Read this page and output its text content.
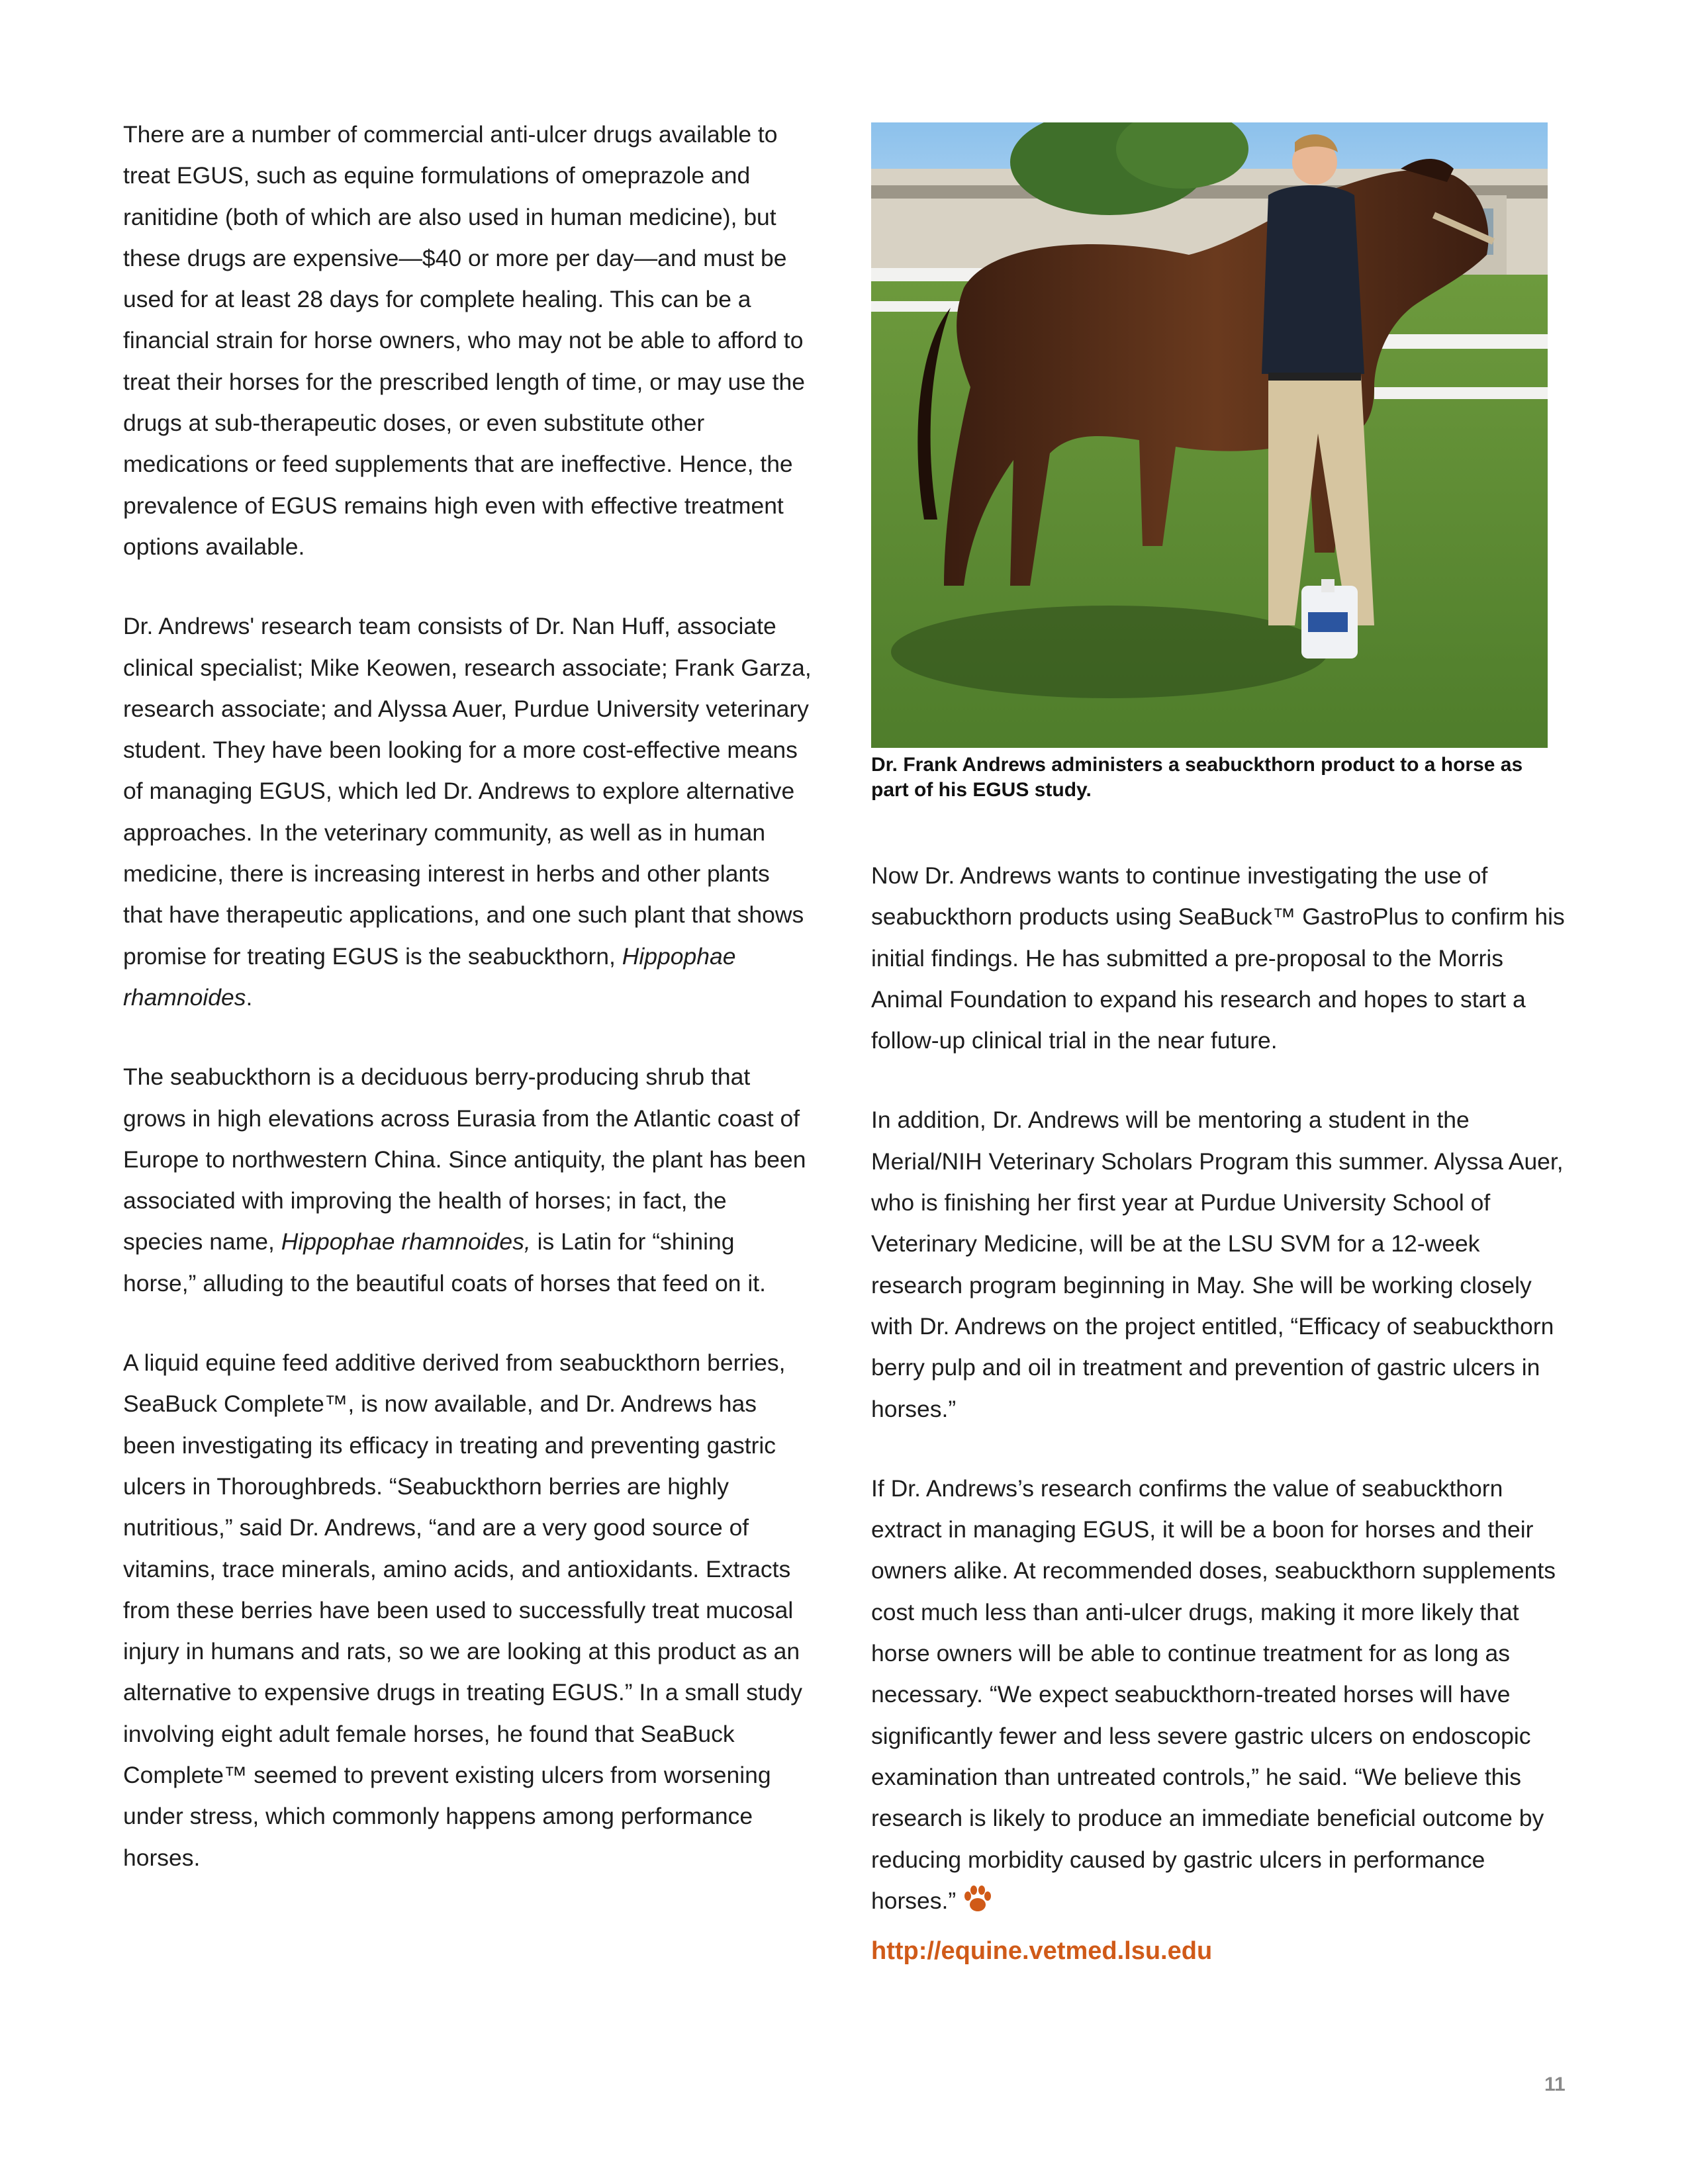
There are a number of commercial anti-ulcer drugs available to treat EGUS, such as equine formulations of omeprazole and ranitidine (both of which are also used in human medicine), but these drugs are expensive—$40 or more per day—and must be used for at least 28 days for complete healing. This can be a financial strain for horse owners, who may not be able to afford to treat their horses for the prescribed length of time, or may use the drugs at sub-therapeutic doses, or even substitute other medications or feed supplements that are ineffective. Hence, the prevalence of EGUS remains high even with effective treatment options available.

Dr. Andrews' research team consists of Dr. Nan Huff, associate clinical specialist; Mike Keowen, research associate; Frank Garza, research associate; and Alyssa Auer, Purdue University veterinary student. They have been looking for a more cost-effective means of managing EGUS, which led Dr. Andrews to explore alternative approaches. In the veterinary community, as well as in human medicine, there is increasing interest in herbs and other plants that have therapeutic applications, and one such plant that shows promise for treating EGUS is the seabuckthorn, Hippophae rhamnoides.

The seabuckthorn is a deciduous berry-producing shrub that grows in high elevations across Eurasia from the Atlantic coast of Europe to northwestern China. Since antiquity, the plant has been associated with improving the health of horses; in fact, the species name, Hippophae rhamnoides, is Latin for “shining horse,” alluding to the beautiful coats of horses that feed on it.

A liquid equine feed additive derived from seabuckthorn berries, SeaBuck Complete™, is now available, and Dr. Andrews has been investigating its efficacy in treating and preventing gastric ulcers in Thoroughbreds. “Seabuckthorn berries are highly nutritious,” said Dr. Andrews, “and are a very good source of vitamins, trace minerals, amino acids, and antioxidants. Extracts from these berries have been used to successfully treat mucosal injury in humans and rats, so we are looking at this product as an alternative to expensive drugs in treating EGUS.” In a small study involving eight adult female horses, he found that SeaBuck Complete™ seemed to prevent existing ulcers from worsening under stress, which commonly happens among performance horses.

Dr. Frank Andrews administers a seabuckthorn product to a horse as part of his EGUS study.

Now Dr. Andrews wants to continue investigating the use of seabuckthorn products using SeaBuck™ GastroPlus to confirm his initial findings. He has submitted a pre-proposal to the Morris Animal Foundation to expand his research and hopes to start a follow-up clinical trial in the near future.

In addition, Dr. Andrews will be mentoring a student in the Merial/NIH Veterinary Scholars Program this summer. Alyssa Auer, who is finishing her first year at Purdue University School of Veterinary Medicine, will be at the LSU SVM for a 12-week research program beginning in May. She will be working closely with Dr. Andrews on the project entitled, “Efficacy of seabuckthorn berry pulp and oil in treatment and prevention of gastric ulcers in horses.”

If Dr. Andrews’s research confirms the value of seabuckthorn extract in managing EGUS, it will be a boon for horses and their owners alike. At recommended doses, seabuckthorn supplements cost much less than anti-ulcer drugs, making it more likely that horse owners will be able to continue treatment for as long as necessary. “We expect seabuckthorn-treated horses will have significantly fewer and less severe gastric ulcers on endoscopic examination than untreated controls,” he said. “We believe this research is likely to produce an immediate beneficial outcome by reducing morbidity caused by gastric ulcers in performance horses.”

http://equine.vetmed.lsu.edu

11
